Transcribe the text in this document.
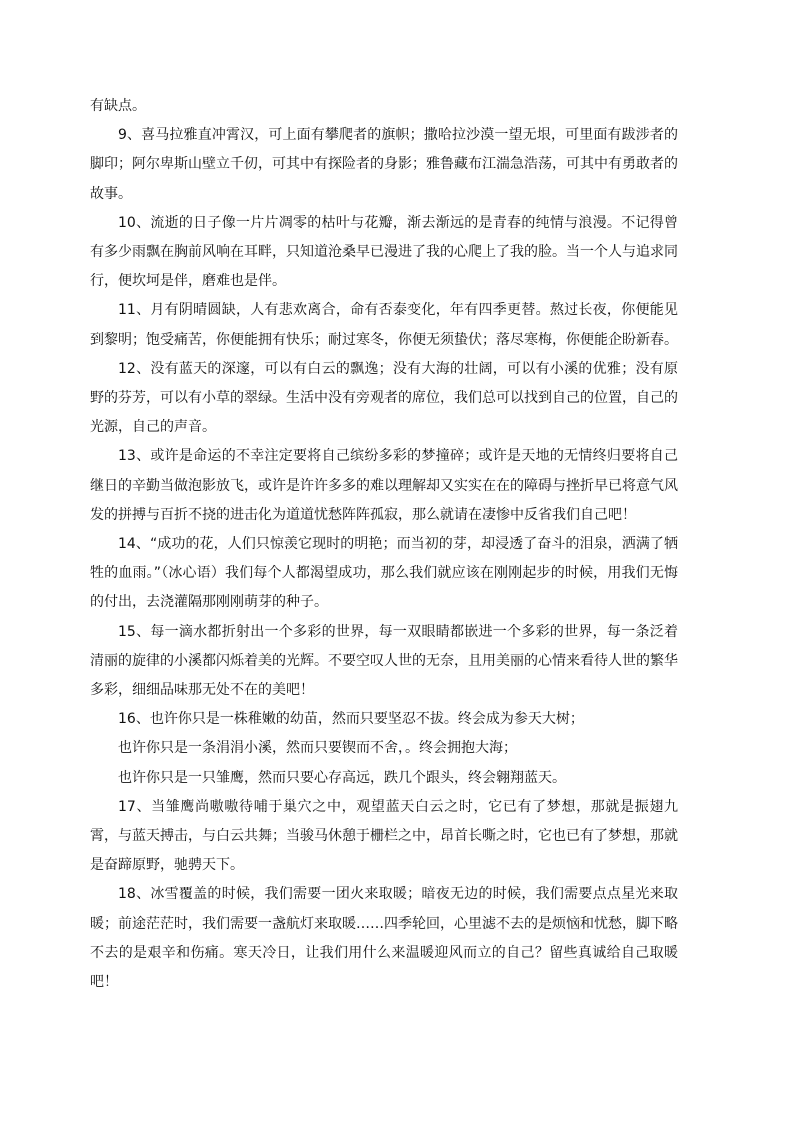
有缺点。

9、喜马拉雅直冲霄汉，可上面有攀爬者的旗帜；撒哈拉沙漠一望无垠，可里面有跋涉者的脚印；阿尔卑斯山壁立千仞，可其中有探险者的身影；雅鲁藏布江湍急浩荡，可其中有勇敢者的故事。

10、流逝的日子像一片片凋零的枯叶与花瓣，渐去渐远的是青春的纯情与浪漫。不记得曾有多少雨飘在胸前风响在耳畔，只知道沧桑早已漫进了我的心爬上了我的脸。当一个人与追求同行，便坎坷是伴，磨难也是伴。

11、月有阴晴圆缺，人有悲欢离合，命有否泰变化，年有四季更替。熬过长夜，你便能见到黎明；饱受痛苦，你便能拥有快乐；耐过寒冬，你便无须蛰伏；落尽寒梅，你便能企盼新春。

12、没有蓝天的深邃，可以有白云的飘逸；没有大海的壮阔，可以有小溪的优雅；没有原野的芬芳，可以有小草的翠绿。生活中没有旁观者的席位，我们总可以找到自己的位置，自己的光源，自己的声音。

13、或许是命运的不幸注定要将自己缤纷多彩的梦撞碎；或许是天地的无情终归要将自己继日的辛勤当做泡影放飞，或许是许许多多的难以理解却又实实在在的障碍与挫折早已将意气风发的拼搏与百折不挠的进击化为道道忧愁阵阵孤寂，那么就请在凄惨中反省我们自己吧！

14、“成功的花，人们只惊羡它现时的明艳；而当初的芽，却浸透了奋斗的泪泉，洒满了牺牲的血雨。”（冰心语）我们每个人都渴望成功，那么我们就应该在刚刚起步的时候，用我们无悔的付出，去浇灌隔那刚刚萌芽的种子。

15、每一滴水都折射出一个多彩的世界，每一双眼睛都嵌进一个多彩的世界，每一条泛着清丽的旋律的小溪都闪烁着美的光辉。不要空叹人世的无奈，且用美丽的心情来看待人世的繁华多彩，细细品味那无处不在的美吧！

16、也许你只是一株稚嫩的幼苗，然而只要坚忍不拔。终会成为参天大树；

也许你只是一条涓涓小溪，然而只要锲而不舍，。终会拥抱大海；

也许你只是一只雏鹰，然而只要心存高远，跌几个跟头，终会翱翔蓝天。

17、当雏鹰尚嗷嗷待哺于巢穴之中，观望蓝天白云之时，它已有了梦想，那就是振翅九霄，与蓝天搏击，与白云共舞；当骏马休憩于栅栏之中，昂首长嘶之时，它也已有了梦想，那就是奋蹄原野，驰骋天下。

18、冰雪覆盖的时候，我们需要一团火来取暖；暗夜无边的时候，我们需要点点星光来取暖；前途茫茫时，我们需要一盏航灯来取暖……四季轮回，心里滤不去的是烦恼和忧愁，脚下略不去的是艰辛和伤痛。寒天冷日，让我们用什么来温暖迎风而立的自己？留些真诚给自己取暖吧！
